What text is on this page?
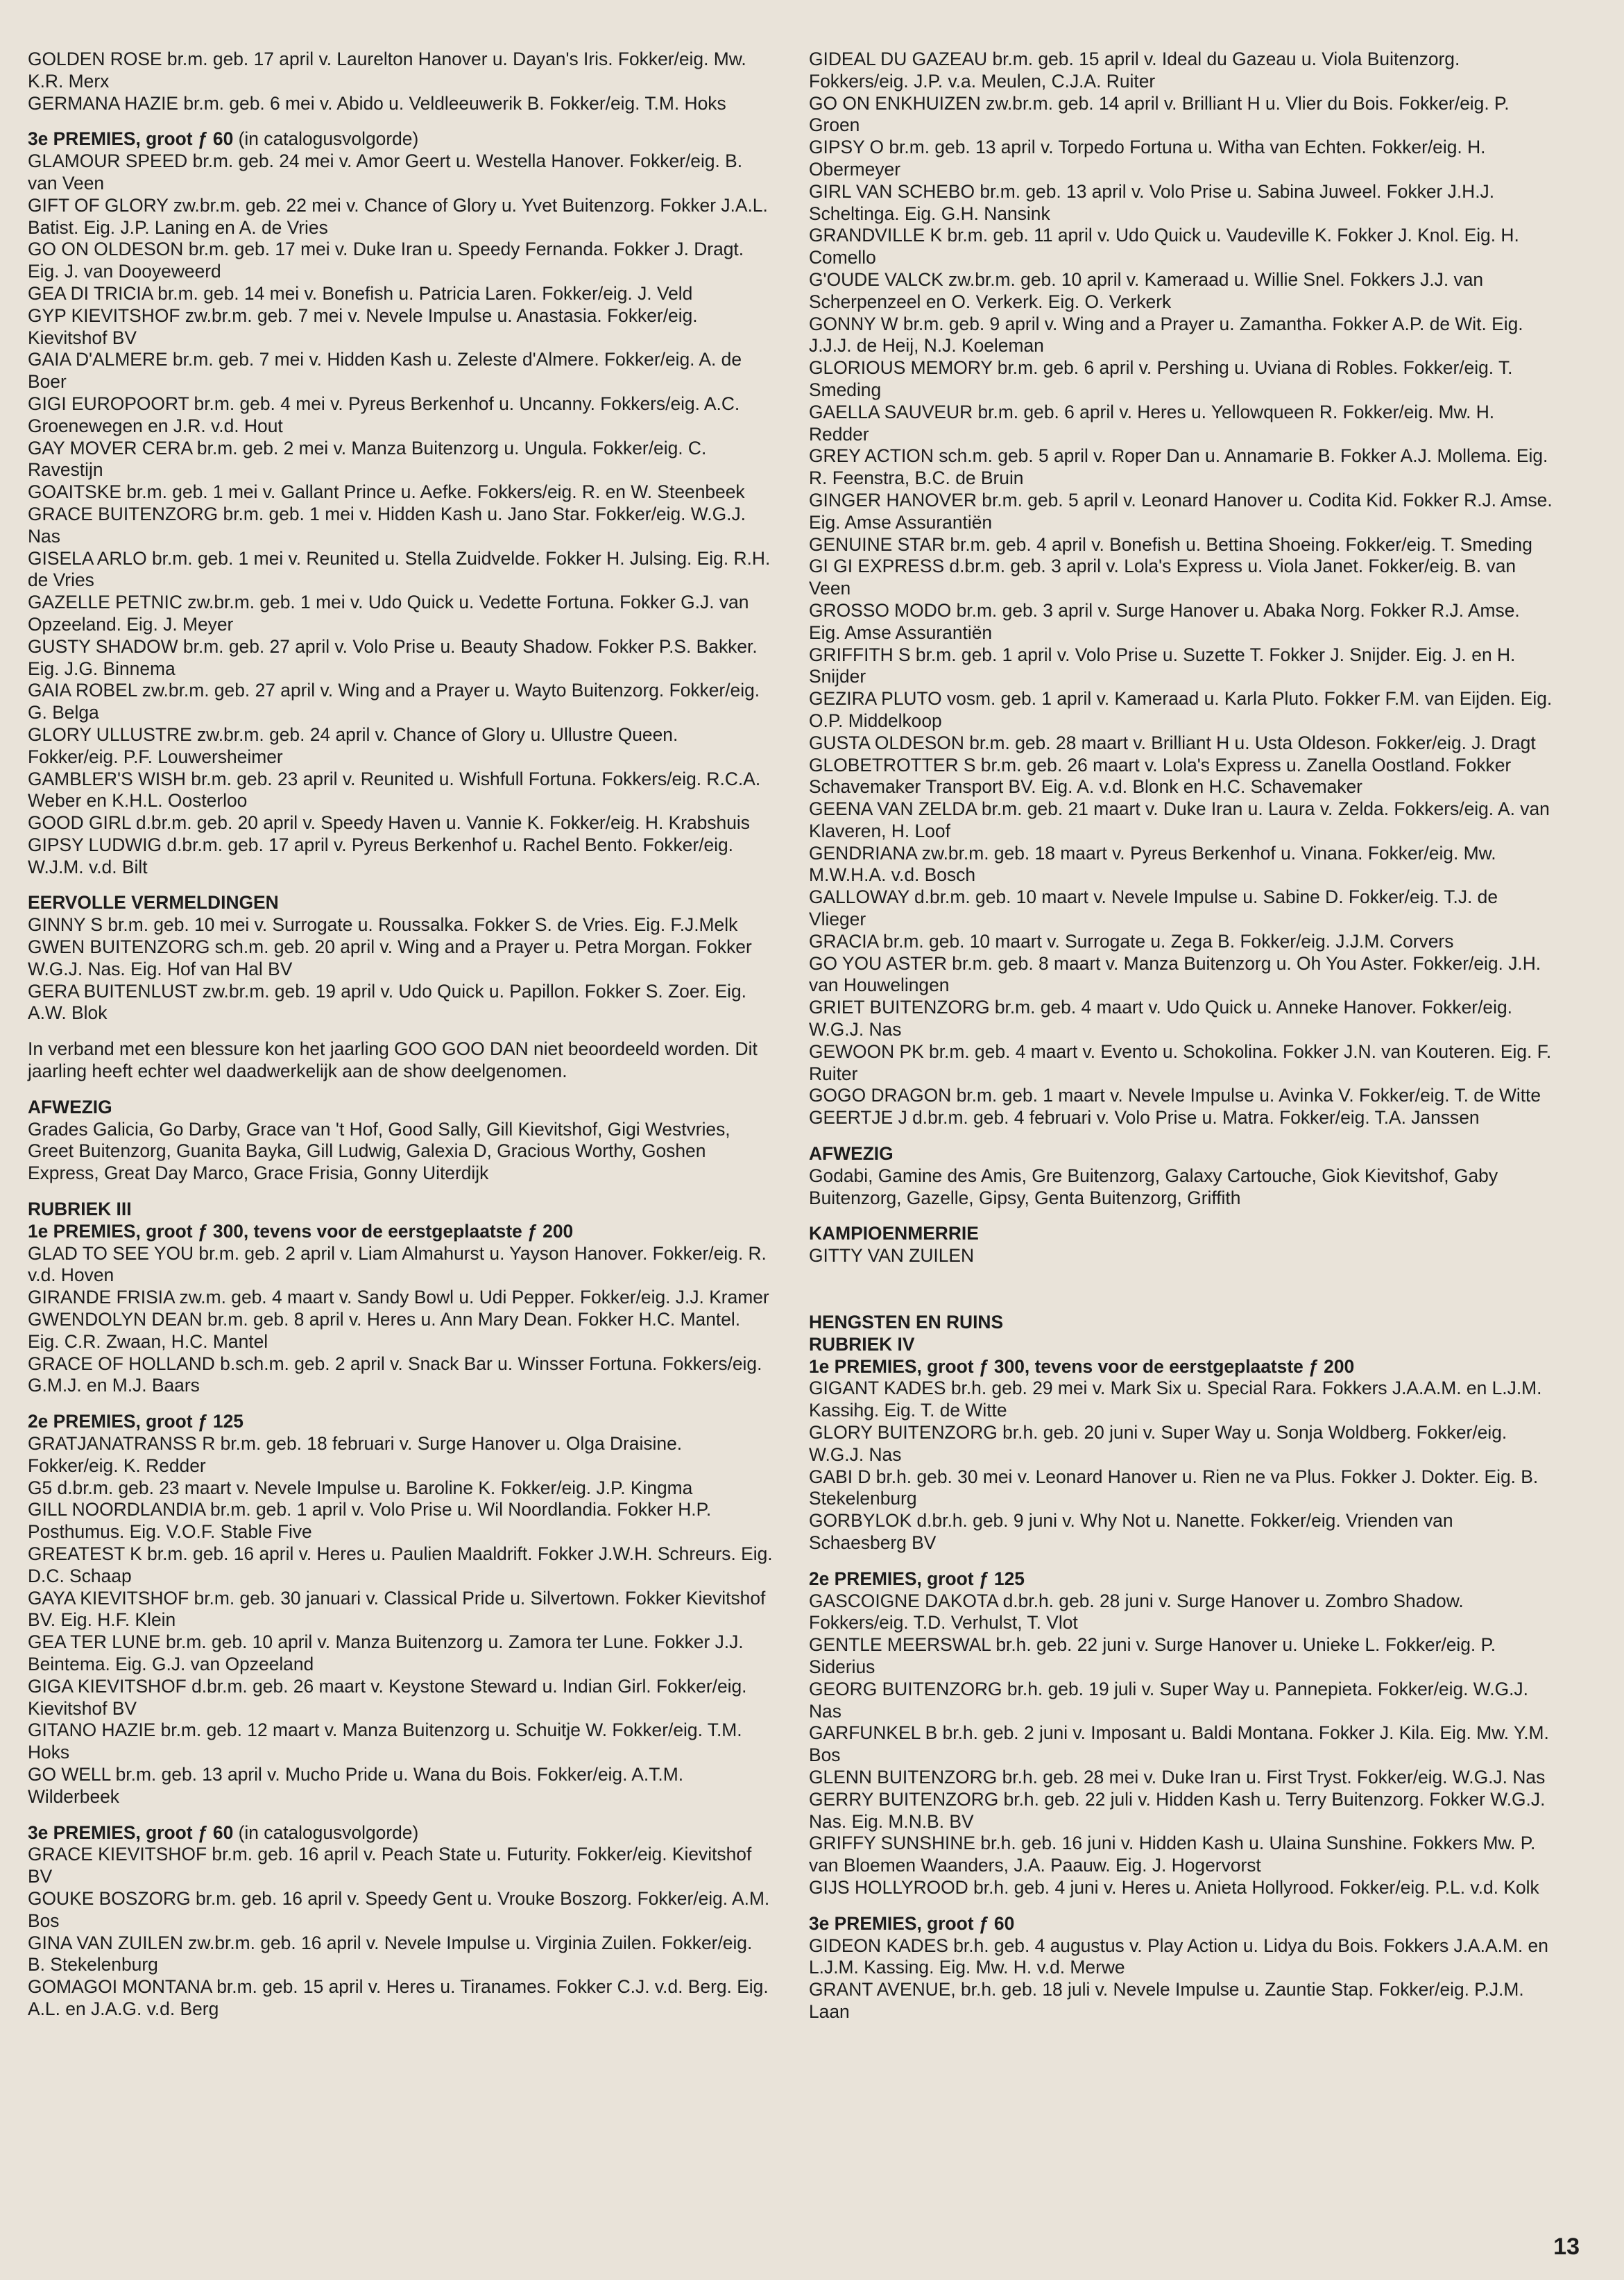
GOLDEN ROSE br.m. geb. 17 april v. Laurelton Hanover u. Dayan's Iris. Fokker/eig. Mw. K.R. Merx
GERMANA HAZIE br.m. geb. 6 mei v. Abido u. Veldleeuwerik B. Fokker/eig. T.M. Hoks
3e PREMIES, groot ƒ 60 (in catalogusvolgorde)
GLAMOUR SPEED br.m. geb. 24 mei v. Amor Geert u. Westella Hanover. Fokker/eig. B. van Veen
GIFT OF GLORY zw.br.m. geb. 22 mei v. Chance of Glory u. Yvet Buitenzorg. Fokker J.A.L. Batist. Eig. J.P. Laning en A. de Vries
GO ON OLDESON br.m. geb. 17 mei v. Duke Iran u. Speedy Fernanda. Fokker J. Dragt. Eig. J. van Dooyeweerd
GEA DI TRICIA br.m. geb. 14 mei v. Bonefish u. Patricia Laren. Fokker/eig. J. Veld
GYP KIEVITSHOF zw.br.m. geb. 7 mei v. Nevele Impulse u. Anastasia. Fokker/eig. Kievitshof BV
GAIA D'ALMERE br.m. geb. 7 mei v. Hidden Kash u. Zeleste d'Almere. Fokker/eig. A. de Boer
GIGI EUROPOORT br.m. geb. 4 mei v. Pyreus Berkenhof u. Uncanny. Fokkers/eig. A.C. Groenewegen en J.R. v.d. Hout
GAY MOVER CERA br.m. geb. 2 mei v. Manza Buitenzorg u. Ungula. Fokker/eig. C. Ravestijn
GOAITSKE br.m. geb. 1 mei v. Gallant Prince u. Aefke. Fokkers/eig. R. en W. Steenbeek
GRACE BUITENZORG br.m. geb. 1 mei v. Hidden Kash u. Jano Star. Fokker/eig. W.G.J. Nas
GISELA ARLO br.m. geb. 1 mei v. Reunited u. Stella Zuidvelde. Fokker H. Julsing. Eig. R.H. de Vries
GAZELLE PETNIC zw.br.m. geb. 1 mei v. Udo Quick u. Vedette Fortuna. Fokker G.J. van Opzeeland. Eig. J. Meyer
GUSTY SHADOW br.m. geb. 27 april v. Volo Prise u. Beauty Shadow. Fokker P.S. Bakker. Eig. J.G. Binnema
GAIA ROBEL zw.br.m. geb. 27 april v. Wing and a Prayer u. Wayto Buitenzorg. Fokker/eig. G. Belga
GLORY ULLUSTRE zw.br.m. geb. 24 april v. Chance of Glory u. Ullustre Queen. Fokker/eig. P.F. Louwersheimer
GAMBLER'S WISH br.m. geb. 23 april v. Reunited u. Wishfull Fortuna. Fokkers/eig. R.C.A. Weber en K.H.L. Oosterloo
GOOD GIRL d.br.m. geb. 20 april v. Speedy Haven u. Vannie K. Fokker/eig. H. Krabshuis
GIPSY LUDWIG d.br.m. geb. 17 april v. Pyreus Berkenhof u. Rachel Bento. Fokker/eig. W.J.M. v.d. Bilt
EERVOLLE VERMELDINGEN
GINNY S br.m. geb. 10 mei v. Surrogate u. Roussalka. Fokker S. de Vries. Eig. F.J.Melk
GWEN BUITENZORG sch.m. geb. 20 april v. Wing and a Prayer u. Petra Morgan. Fokker W.G.J. Nas. Eig. Hof van Hal BV
GERA BUITENLUST zw.br.m. geb. 19 april v. Udo Quick u. Papillon. Fokker S. Zoer. Eig. A.W. Blok
In verband met een blessure kon het jaarling GOO GOO DAN niet beoordeeld worden. Dit jaarling heeft echter wel daadwerkelijk aan de show deelgenomen.
AFWEZIG
Grades Galicia, Go Darby, Grace van 't Hof, Good Sally, Gill Kievitshof, Gigi Westvries, Greet Buitenzorg, Guanita Bayka, Gill Ludwig, Galexia D, Gracious Worthy, Goshen Express, Great Day Marco, Grace Frisia, Gonny Uiterdijk
RUBRIEK III
1e PREMIES, groot ƒ 300, tevens voor de eerstgeplaatste ƒ 200
GLAD TO SEE YOU br.m. geb. 2 april v. Liam Almahurst u. Yayson Hanover. Fokker/eig. R. v.d. Hoven
GIRANDE FRISIA zw.m. geb. 4 maart v. Sandy Bowl u. Udi Pepper. Fokker/eig. J.J. Kramer
GWENDOLYN DEAN br.m. geb. 8 april v. Heres u. Ann Mary Dean. Fokker H.C. Mantel. Eig. C.R. Zwaan, H.C. Mantel
GRACE OF HOLLAND b.sch.m. geb. 2 april v. Snack Bar u. Winsser Fortuna. Fokkers/eig. G.M.J. en M.J. Baars
2e PREMIES, groot ƒ 125
GRATJANATRANSS R br.m. geb. 18 februari v. Surge Hanover u. Olga Draisine. Fokker/eig. K. Redder
G5 d.br.m. geb. 23 maart v. Nevele Impulse u. Baroline K. Fokker/eig. J.P. Kingma
GILL NOORDLANDIA br.m. geb. 1 april v. Volo Prise u. Wil Noordlandia. Fokker H.P. Posthumus. Eig. V.O.F. Stable Five
GREATEST K br.m. geb. 16 april v. Heres u. Paulien Maaldrift. Fokker J.W.H. Schreurs. Eig. D.C. Schaap
GAYA KIEVITSHOF br.m. geb. 30 januari v. Classical Pride u. Silvertown. Fokker Kievitshof BV. Eig. H.F. Klein
GEA TER LUNE br.m. geb. 10 april v. Manza Buitenzorg u. Zamora ter Lune. Fokker J.J. Beintema. Eig. G.J. van Opzeeland
GIGA KIEVITSHOF d.br.m. geb. 26 maart v. Keystone Steward u. Indian Girl. Fokker/eig. Kievitshof BV
GITANO HAZIE br.m. geb. 12 maart v. Manza Buitenzorg u. Schuitje W. Fokker/eig. T.M. Hoks
GO WELL br.m. geb. 13 april v. Mucho Pride u. Wana du Bois. Fokker/eig. A.T.M. Wilderbeek
3e PREMIES, groot ƒ 60 (in catalogusvolgorde)
GRACE KIEVITSHOF br.m. geb. 16 april v. Peach State u. Futurity. Fokker/eig. Kievitshof BV
GOUKE BOSZORG br.m. geb. 16 april v. Speedy Gent u. Vrouke Boszorg. Fokker/eig. A.M. Bos
GINA VAN ZUILEN zw.br.m. geb. 16 april v. Nevele Impulse u. Virginia Zuilen. Fokker/eig. B. Stekelenburg
GOMAGOI MONTANA br.m. geb. 15 april v. Heres u. Tiranames. Fokker C.J. v.d. Berg. Eig. A.L. en J.A.G. v.d. Berg
GIDEAL DU GAZEAU br.m. geb. 15 april v. Ideal du Gazeau u. Viola Buitenzorg. Fokkers/eig. J.P. v.a. Meulen, C.J.A. Ruiter
GO ON ENKHUIZEN zw.br.m. geb. 14 april v. Brilliant H u. Vlier du Bois. Fokker/eig. P. Groen
GIPSY O br.m. geb. 13 april v. Torpedo Fortuna u. Witha van Echten. Fokker/eig. H. Obermeyer
GIRL VAN SCHEBO br.m. geb. 13 april v. Volo Prise u. Sabina Juweel. Fokker J.H.J. Scheltinga. Eig. G.H. Nansink
GRANDVILLE K br.m. geb. 11 april v. Udo Quick u. Vaudeville K. Fokker J. Knol. Eig. H. Comello
G'OUDE VALCK zw.br.m. geb. 10 april v. Kameraad u. Willie Snel. Fokkers J.J. van Scherpenzeel en O. Verkerk. Eig. O. Verkerk
GONNY W br.m. geb. 9 april v. Wing and a Prayer u. Zamantha. Fokker A.P. de Wit. Eig. J.J.J. de Heij, N.J. Koeleman
GLORIOUS MEMORY br.m. geb. 6 april v. Pershing u. Uviana di Robles. Fokker/eig. T. Smeding
GAELLA SAUVEUR br.m. geb. 6 april v. Heres u. Yellowqueen R. Fokker/eig. Mw. H. Redder
GREY ACTION sch.m. geb. 5 april v. Roper Dan u. Annamarie B. Fokker A.J. Mollema. Eig. R. Feenstra, B.C. de Bruin
GINGER HANOVER br.m. geb. 5 april v. Leonard Hanover u. Codita Kid. Fokker R.J. Amse. Eig. Amse Assurantiën
GENUINE STAR br.m. geb. 4 april v. Bonefish u. Bettina Shoeing. Fokker/eig. T. Smeding
GI GI EXPRESS d.br.m. geb. 3 april v. Lola's Express u. Viola Janet. Fokker/eig. B. van Veen
GROSSO MODO br.m. geb. 3 april v. Surge Hanover u. Abaka Norg. Fokker R.J. Amse. Eig. Amse Assurantiën
GRIFFITH S br.m. geb. 1 april v. Volo Prise u. Suzette T. Fokker J. Snijder. Eig. J. en H. Snijder
GEZIRA PLUTO vosm. geb. 1 april v. Kameraad u. Karla Pluto. Fokker F.M. van Eijden. Eig. O.P. Middelkoop
GUSTA OLDESON br.m. geb. 28 maart v. Brilliant H u. Usta Oldeson. Fokker/eig. J. Dragt
GLOBETROTTER S br.m. geb. 26 maart v. Lola's Express u. Zanella Oostland. Fokker Schavemaker Transport BV. Eig. A. v.d. Blonk en H.C. Schavemaker
GEENA VAN ZELDA br.m. geb. 21 maart v. Duke Iran u. Laura v. Zelda. Fokkers/eig. A. van Klaveren, H. Loof
GENDRIANA zw.br.m. geb. 18 maart v. Pyreus Berkenhof u. Vinana. Fokker/eig. Mw. M.W.H.A. v.d. Bosch
GALLOWAY d.br.m. geb. 10 maart v. Nevele Impulse u. Sabine D. Fokker/eig. T.J. de Vlieger
GRACIA br.m. geb. 10 maart v. Surrogate u. Zega B. Fokker/eig. J.J.M. Corvers
GO YOU ASTER br.m. geb. 8 maart v. Manza Buitenzorg u. Oh You Aster. Fokker/eig. J.H. van Houwelingen
GRIET BUITENZORG br.m. geb. 4 maart v. Udo Quick u. Anneke Hanover. Fokker/eig. W.G.J. Nas
GEWOON PK br.m. geb. 4 maart v. Evento u. Schokolina. Fokker J.N. van Kouteren. Eig. F. Ruiter
GOGO DRAGON br.m. geb. 1 maart v. Nevele Impulse u. Avinka V. Fokker/eig. T. de Witte
GEERTJE J d.br.m. geb. 4 februari v. Volo Prise u. Matra. Fokker/eig. T.A. Janssen
AFWEZIG
Godabi, Gamine des Amis, Gre Buitenzorg, Galaxy Cartouche, Giok Kievitshof, Gaby Buitenzorg, Gazelle, Gipsy, Genta Buitenzorg, Griffith
KAMPIOENMERRIE
GITTY VAN ZUILEN
HENGSTEN EN RUINS
RUBRIEK IV
1e PREMIES, groot ƒ 300, tevens voor de eerstgeplaatste ƒ 200
GIGANT KADES br.h. geb. 29 mei v. Mark Six u. Special Rara. Fokkers J.A.A.M. en L.J.M. Kassihg. Eig. T. de Witte
GLORY BUITENZORG br.h. geb. 20 juni v. Super Way u. Sonja Woldberg. Fokker/eig. W.G.J. Nas
GABI D br.h. geb. 30 mei v. Leonard Hanover u. Rien ne va Plus. Fokker J. Dokter. Eig. B. Stekelenburg
GORBYLOK d.br.h. geb. 9 juni v. Why Not u. Nanette. Fokker/eig. Vrienden van Schaesberg BV
2e PREMIES, groot ƒ 125
GASCOIGNE DAKOTA d.br.h. geb. 28 juni v. Surge Hanover u. Zombro Shadow. Fokkers/eig. T.D. Verhulst, T. Vlot
GENTLE MEERSWAL br.h. geb. 22 juni v. Surge Hanover u. Unieke L. Fokker/eig. P. Siderius
GEORG BUITENZORG br.h. geb. 19 juli v. Super Way u. Pannepieta. Fokker/eig. W.G.J. Nas
GARFUNKEL B br.h. geb. 2 juni v. Imposant u. Baldi Montana. Fokker J. Kila. Eig. Mw. Y.M. Bos
GLENN BUITENZORG br.h. geb. 28 mei v. Duke Iran u. First Tryst. Fokker/eig. W.G.J. Nas
GERRY BUITENZORG br.h. geb. 22 juli v. Hidden Kash u. Terry Buitenzorg. Fokker W.G.J. Nas. Eig. M.N.B. BV
GRIFFY SUNSHINE br.h. geb. 16 juni v. Hidden Kash u. Ulaina Sunshine. Fokkers Mw. P. van Bloemen Waanders, J.A. Paauw. Eig. J. Hogervorst
GIJS HOLLYROOD br.h. geb. 4 juni v. Heres u. Anieta Hollyrood. Fokker/eig. P.L. v.d. Kolk
3e PREMIES, groot ƒ 60
GIDEON KADES br.h. geb. 4 augustus v. Play Action u. Lidya du Bois. Fokkers J.A.A.M. en L.J.M. Kassing. Eig. Mw. H. v.d. Merwe
GRANT AVENUE, br.h. geb. 18 juli v. Nevele Impulse u. Zauntie Stap. Fokker/eig. P.J.M. Laan
13
